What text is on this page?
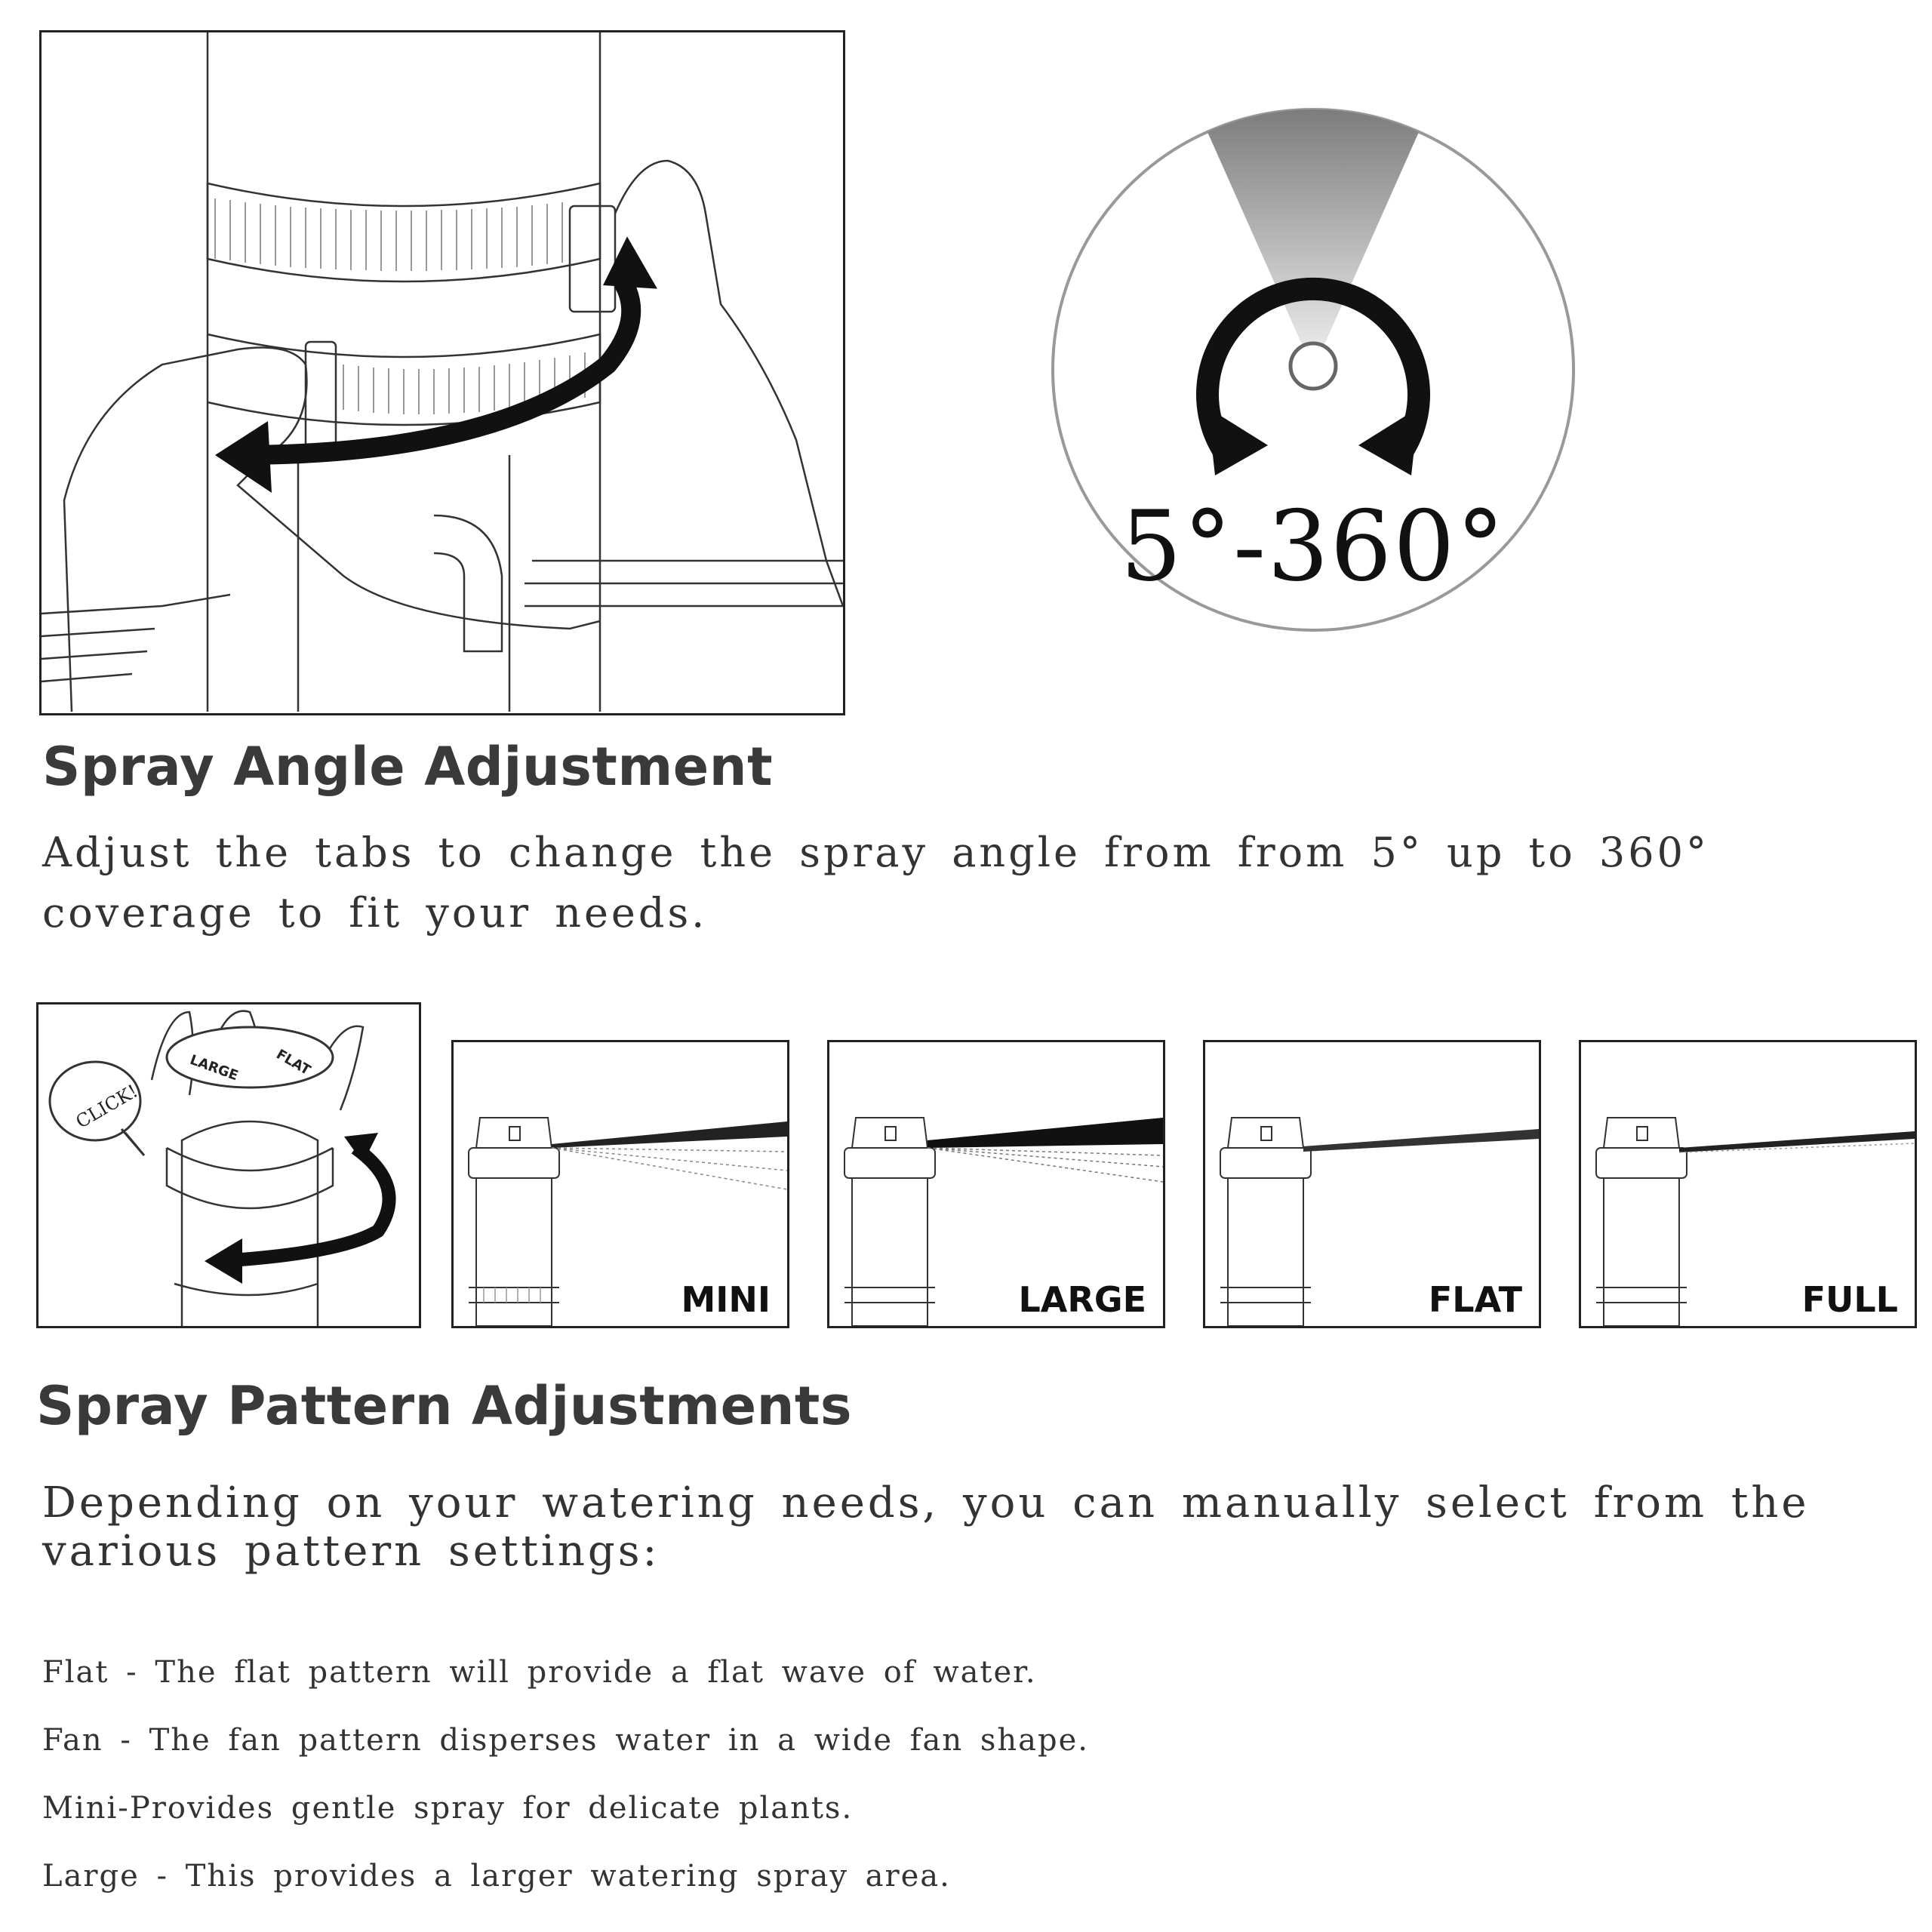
5°-360°
Spray Angle Adjustment

Adjust the tabs to change the spray angle from from 5° up to 360° coverage to fit your needs.

LARGE FLAT
CLICK!
MINI	LARGE	FLAT	FULL
Spray Pattern Adjustments

Depending on your watering needs, you can manually select from the various pattern settings:

Flat - The flat pattern will provide a flat wave of water.

Fan - The fan pattern disperses water in a wide fan shape.

Mini-Provides gentle spray for delicate plants.

Large - This provides a larger watering spray area.
